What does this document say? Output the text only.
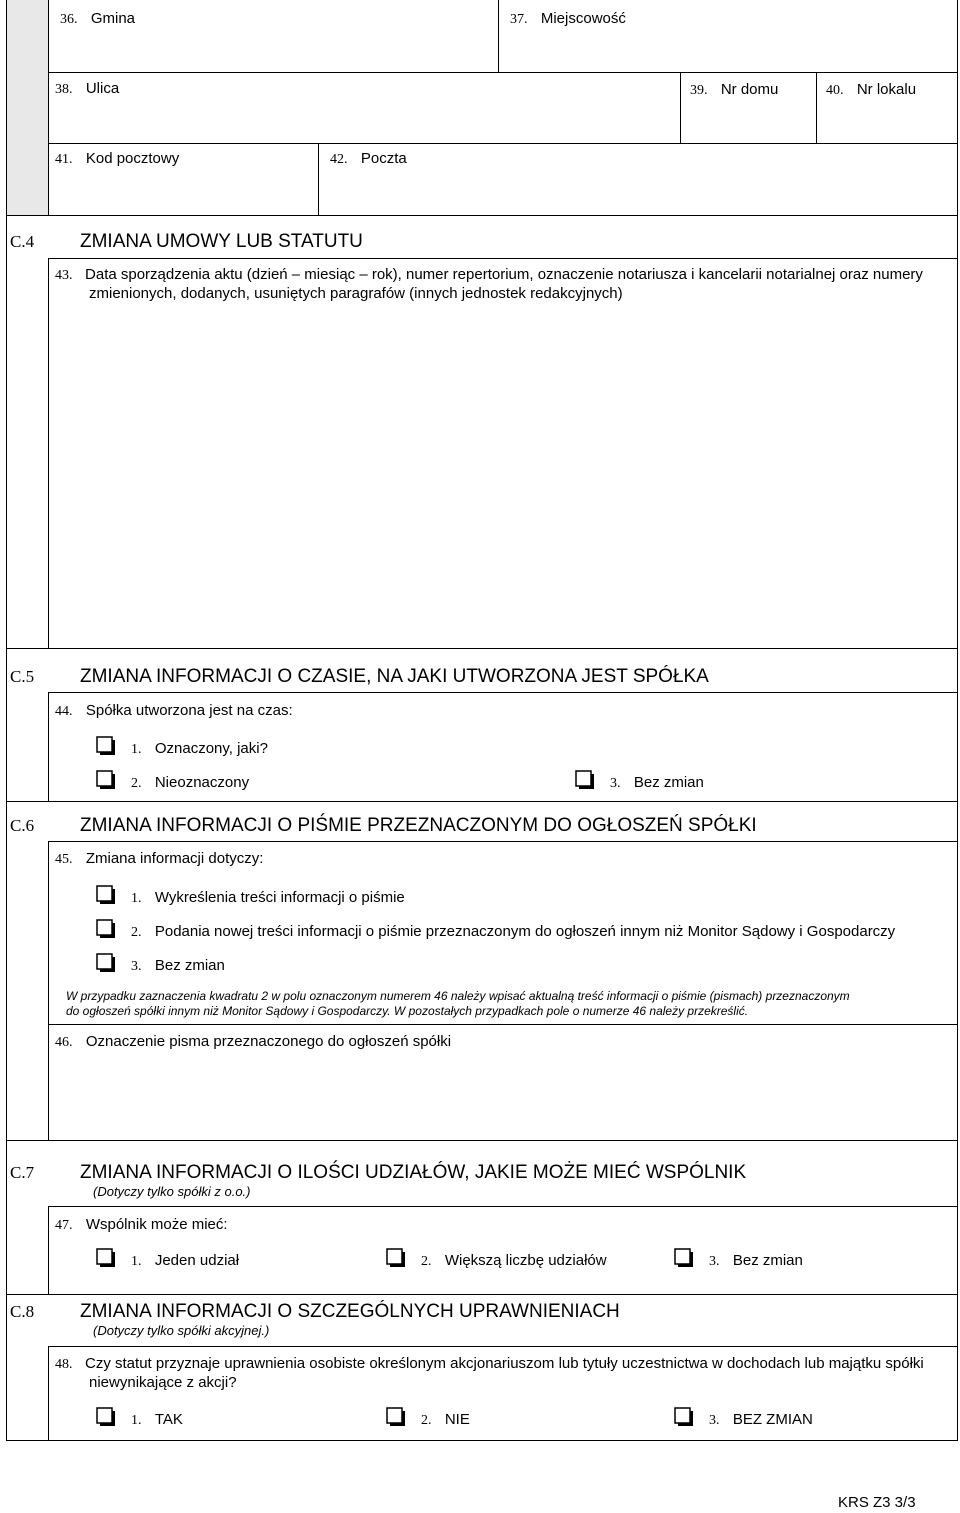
36. Gmina	37. Miejscowość
38. Ulica	39. Nr domu	40. Nr lokalu
41. Kod pocztowy	42. Poczta
C.4 ZMIANA UMOWY LUB STATUTU
43. Data sporządzenia aktu (dzień – miesiąc – rok), numer repertorium, oznaczenie notariusza i kancelarii notarialnej oraz numery
zmienionych, dodanych, usuniętych paragrafów (innych jednostek redakcyjnych)
C.5 ZMIANA INFORMACJI O CZASIE, NA JAKI UTWORZONA JEST SPÓŁKA
44. Spółka utworzona jest na czas:
1. Oznaczony, jaki?
2. Nieoznaczony	3. Bez zmian
C.6 ZMIANA INFORMACJI O PIŚMIE PRZEZNACZONYM DO OGŁOSZEŃ SPÓŁKI
45. Zmiana informacji dotyczy:
1. Wykreślenia treści informacji o piśmie
2. Podania nowej treści informacji o piśmie przeznaczonym do ogłoszeń innym niż Monitor Sądowy i Gospodarczy
3. Bez zmian
W przypadku zaznaczenia kwadratu 2 w polu oznaczonym numerem 46 należy wpisać aktualną treść informacji o piśmie (pismach) przeznaczonym
do ogłoszeń spółki innym niż Monitor Sądowy i Gospodarczy. W pozostałych przypadkach pole o numerze 46 należy przekreślić.
46. Oznaczenie pisma przeznaczonego do ogłoszeń spółki
C.7 ZMIANA INFORMACJI O ILOŚCI UDZIAŁÓW, JAKIE MOŻE MIEĆ WSPÓLNIK
(Dotyczy tylko spółki z o.o.)
47. Wspólnik może mieć:
1. Jeden udział	2. Większą liczbę udziałów	3. Bez zmian
C.8 ZMIANA INFORMACJI O SZCZEGÓLNYCH UPRAWNIENIACH
(Dotyczy tylko spółki akcyjnej.)
48. Czy statut przyznaje uprawnienia osobiste określonym akcjonariuszom lub tytuły uczestnictwa w dochodach lub majątku spółki
niewynikające z akcji?
1. TAK	2. NIE	3. BEZ ZMIAN
KRS Z3 3/3
